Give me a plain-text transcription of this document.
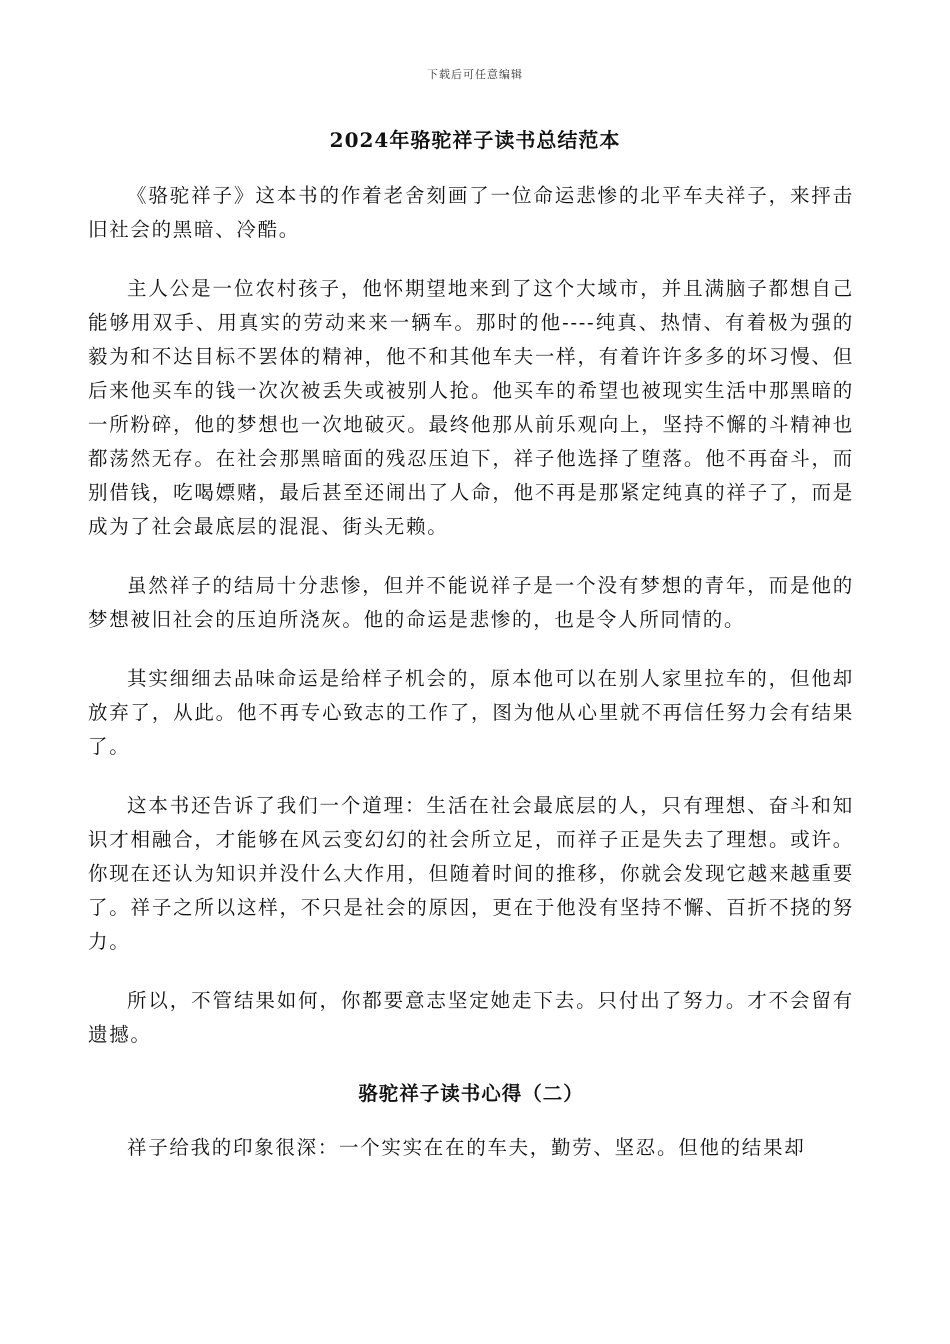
下载后可任意编辑
2024年骆驼祥子读书总结范本

《骆驼祥子》这本书的作着老舍刻画了一位命运悲惨的北平车夫祥子，来抨击旧社会的黑暗、冷酷。

主人公是一位农村孩子，他怀期望地来到了这个大域市，并且满脑子都想自己能够用双手、用真实的劳动来来一辆车。那时的他----纯真、热情、有着极为强的毅为和不达目标不罢体的精神，他不和其他车夫一样，有着许许多多的坏习慢、但后来他买车的钱一次次被丢失或被别人抢。他买车的希望也被现实生活中那黑暗的一所粉碎，他的梦想也一次地破灭。最终他那从前乐观向上，坚持不懈的斗精神也都荡然无存。在社会那黑暗面的残忍压迫下，祥子他选择了堕落。他不再奋斗，而别借钱，吃喝嫖赌，最后甚至还闹出了人命，他不再是那紧定纯真的祥子了，而是成为了社会最底层的混混、街头无赖。

虽然祥子的结局十分悲惨，但并不能说祥子是一个没有梦想的青年，而是他的梦想被旧社会的压迫所浇灰。他的命运是悲惨的，也是令人所同情的。

其实细细去品味命运是给样子机会的，原本他可以在别人家里拉车的，但他却放弃了，从此。他不再专心致志的工作了，图为他从心里就不再信任努力会有结果了。

这本书还告诉了我们一个道理：生活在社会最底层的人，只有理想、奋斗和知识才相融合，才能够在风云变幻幻的社会所立足，而祥子正是失去了理想。或许。你现在还认为知识并没什么大作用，但随着时间的推移，你就会发现它越来越重要了。祥子之所以这样，不只是社会的原因，更在于他没有坚持不懈、百折不挠的努力。

所以，不管结果如何，你都要意志坚定她走下去。只付出了努力。才不会留有遗撼。

骆驼祥子读书心得（二）

祥子给我的印象很深：一个实实在在的车夫，勤劳、坚忍。但他的结果却
